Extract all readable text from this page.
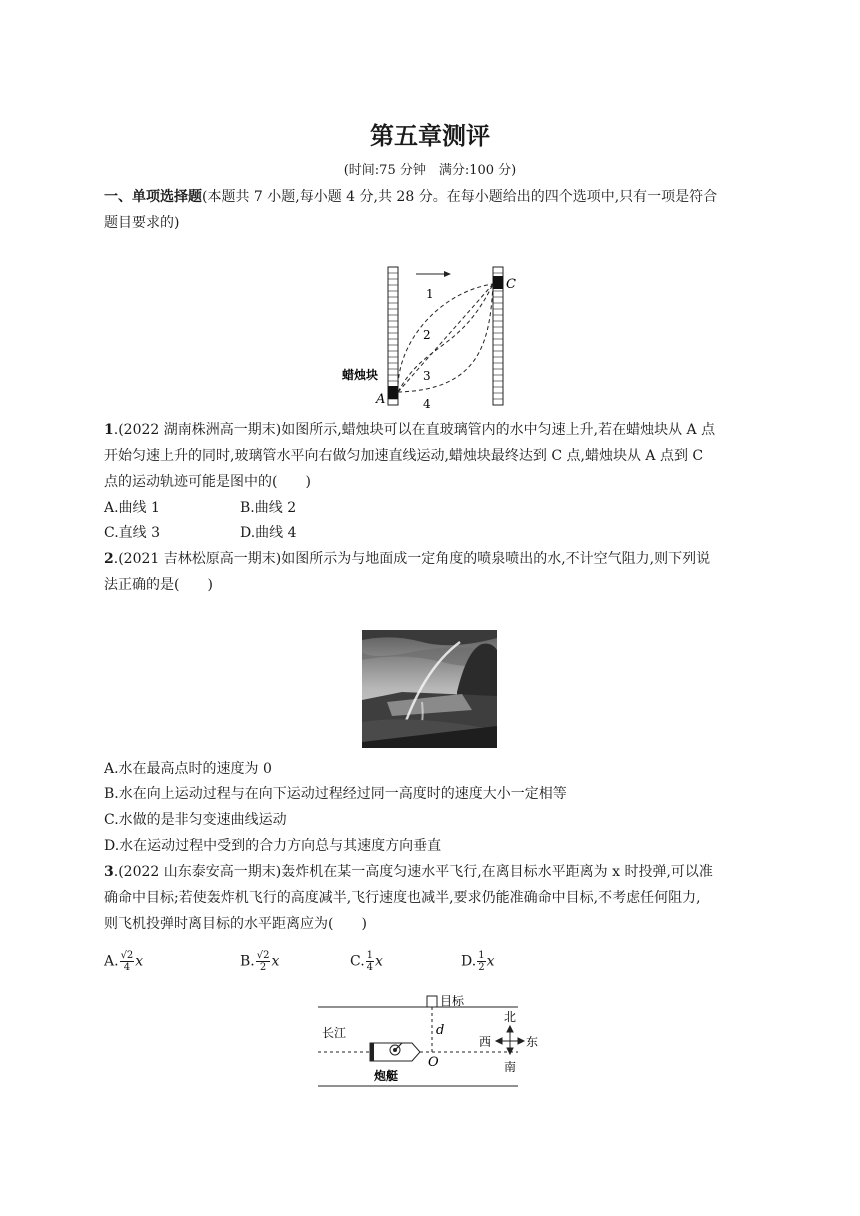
第五章测评
(时间:75 分钟　满分:100 分)
一、单项选择题(本题共 7 小题,每小题 4 分,共 28 分。在每小题给出的四个选项中,只有一项是符合
题目要求的)
1
2
3
4
C
A
蜡烛块
1.(2022 湖南株洲高一期末)如图所示,蜡烛块可以在直玻璃管内的水中匀速上升,若在蜡烛块从 A 点
开始匀速上升的同时,玻璃管水平向右做匀加速直线运动,蜡烛块最终达到 C 点,蜡烛块从 A 点到 C
点的运动轨迹可能是图中的(　　)
A.曲线 1	B.曲线 2
C.直线 3	D.曲线 4
2.(2021 吉林松原高一期末)如图所示为与地面成一定角度的喷泉喷出的水,不计空气阻力,则下列说
法正确的是(　　)
A.水在最高点时的速度为 0
B.水在向上运动过程与在向下运动过程经过同一高度时的速度大小一定相等
C.水做的是非匀变速曲线运动
D.水在运动过程中受到的合力方向总与其速度方向垂直
3.(2022 山东泰安高一期末)轰炸机在某一高度匀速水平飞行,在离目标水平距离为 x 时投弹,可以准
确命中目标;若使轰炸机飞行的高度减半,飞行速度也减半,要求仍能准确命中目标,不考虑任何阻力,
则飞机投弹时离目标的水平距离应为(　　)
A. $\frac{√2}{4}$ x	B. $\frac{√2}{2}$ x	C. $\frac{1}{4}$ x	D. $\frac{1}{2}$ x
目标
d
长江
O
炮艇
北
南
东
西
